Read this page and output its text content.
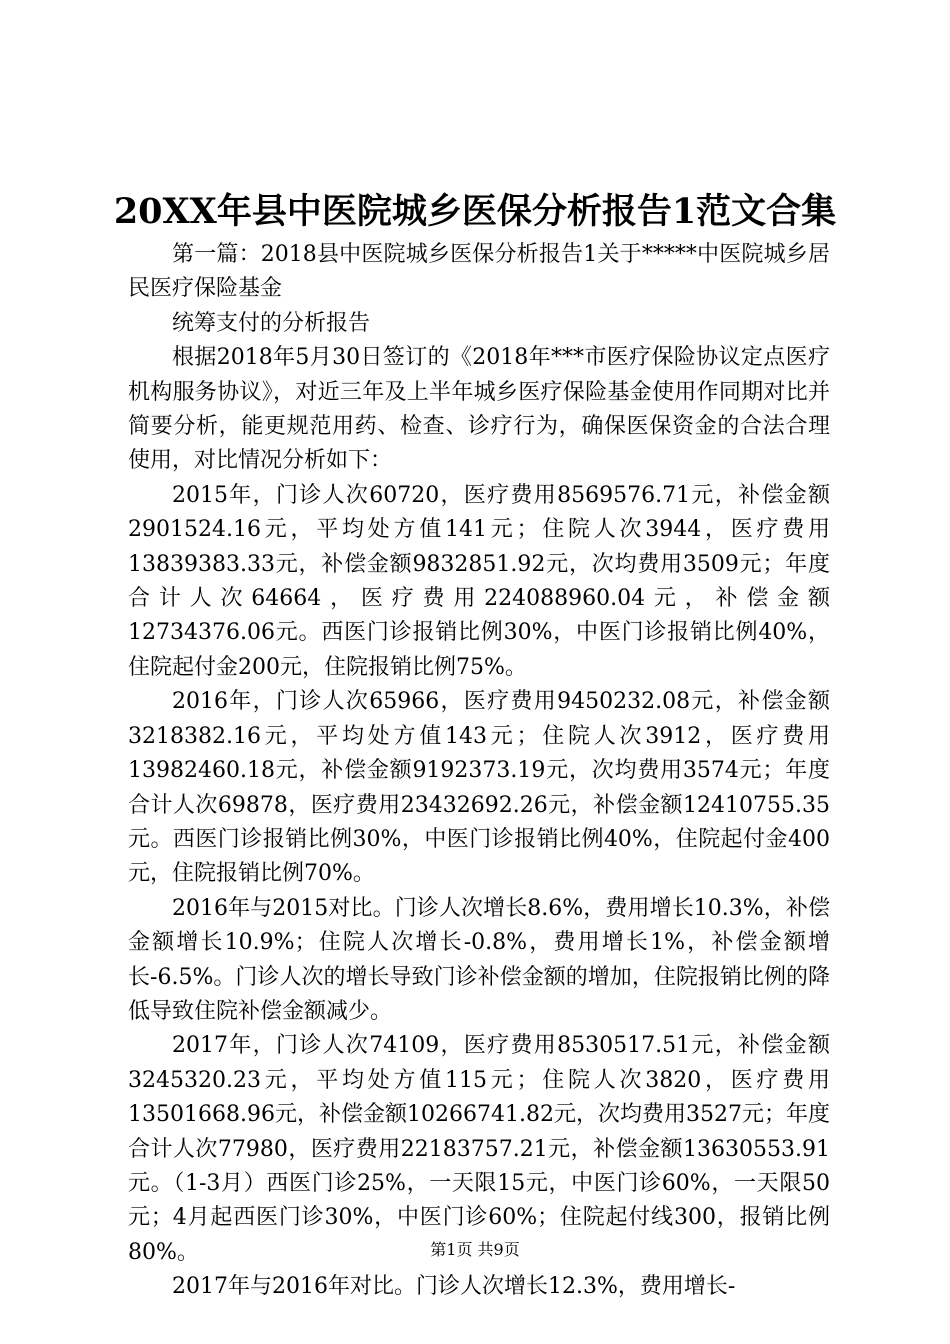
20XX年县中医院城乡医保分析报告1范文合集

第一篇：2018县中医院城乡医保分析报告1关于*****中医院城乡居民医疗保险基金

统筹支付的分析报告

根据2018年5月30日签订的《2018年***市医疗保险协议定点医疗机构服务协议》，对近三年及上半年城乡医疗保险基金使用作同期对比并简要分析，能更规范用药、检查、诊疗行为，确保医保资金的合法合理使用，对比情况分析如下：

2015年，门诊人次60720，医疗费用8569576.71元，补偿金额2901524.16元，平均处方值141元；住院人次3944，医疗费用13839383.33元，补偿金额9832851.92元，次均费用3509元；年度合计人次64664，医疗费用224088960.04元，补偿金额12734376.06元。西医门诊报销比例30%，中医门诊报销比例40%，住院起付金200元，住院报销比例75%。

2016年，门诊人次65966，医疗费用9450232.08元，补偿金额3218382.16元，平均处方值143元；住院人次3912，医疗费用13982460.18元，补偿金额9192373.19元，次均费用3574元；年度合计人次69878，医疗费用23432692.26元，补偿金额12410755.35元。西医门诊报销比例30%，中医门诊报销比例40%，住院起付金400元，住院报销比例70%。

2016年与2015对比。门诊人次增长8.6%，费用增长10.3%，补偿金额增长10.9%；住院人次增长-0.8%，费用增长1%，补偿金额增长-6.5%。门诊人次的增长导致门诊补偿金额的增加，住院报销比例的降低导致住院补偿金额减少。

2017年，门诊人次74109，医疗费用8530517.51元，补偿金额3245320.23元，平均处方值115元；住院人次3820，医疗费用13501668.96元，补偿金额10266741.82元，次均费用3527元；年度合计人次77980，医疗费用22183757.21元，补偿金额13630553.91元。（1-3月）西医门诊25%，一天限15元，中医门诊60%，一天限50元；4月起西医门诊30%，中医门诊60%；住院起付线300，报销比例80%。

2017年与2016年对比。门诊人次增长12.3%，费用增长-

第1页 共9页
